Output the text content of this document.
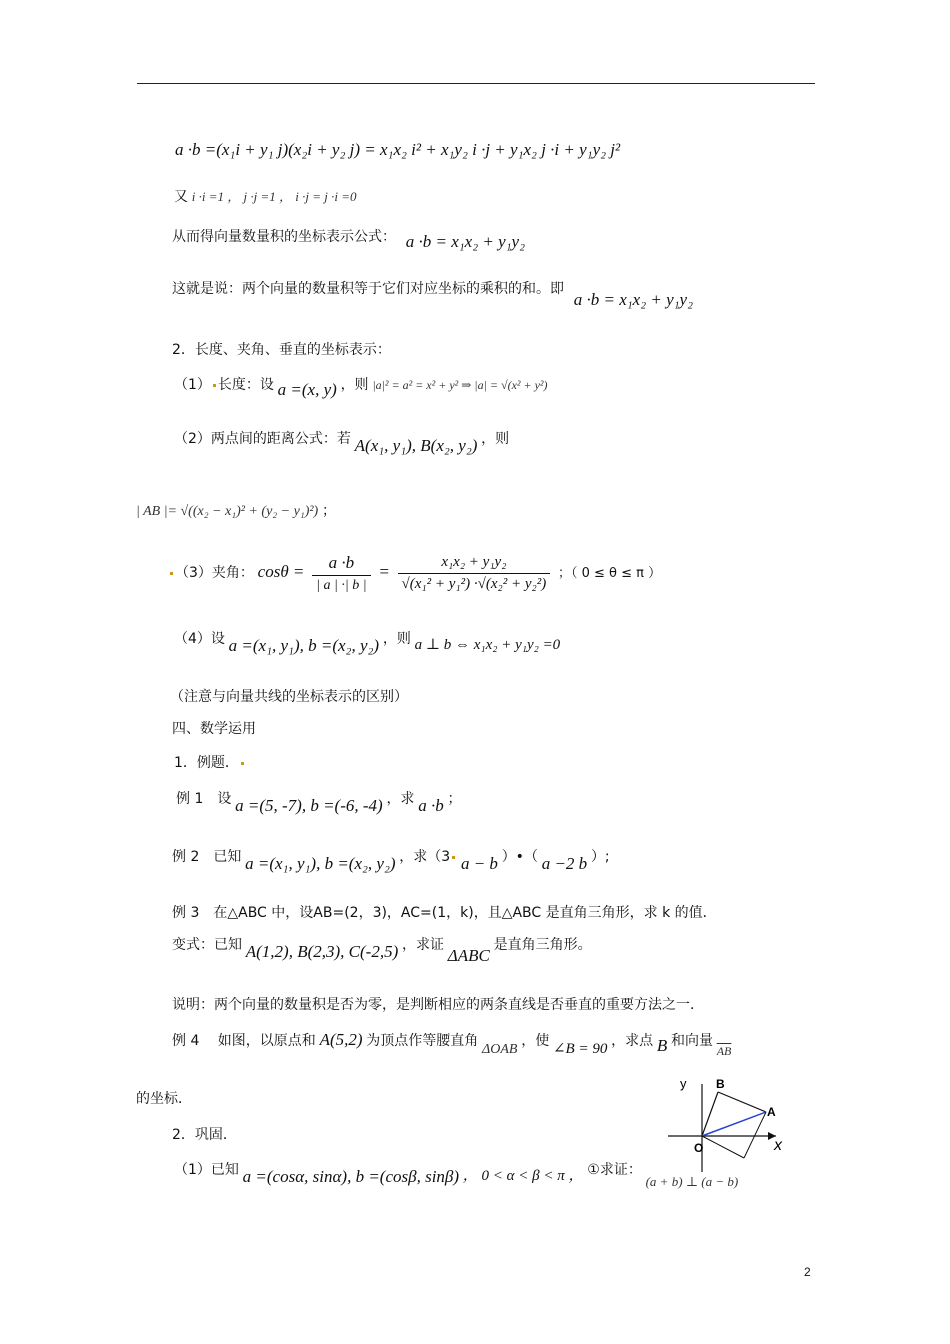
a ·b =(x₁i + y₁ j)(x₂i + y₂ j) = x₁x₂ i² + x₁y₂ i ·j + y₁x₂ j ·i + y₁y₂ j²
又 i ·i =1 ， j ·j =1 ， i ·j = j ·i =0
从而得向量数量积的坐标表示公式： a ·b = x₁x₂ + y₁y₂
这就是说：两个向量的数量积等于它们对应坐标的乘积的和。即 a ·b = x₁x₂ + y₁y₂
2．长度、夹角、垂直的坐标表示：
（1） 长度：设 a =(x, y) ，则 |a|² = a² = x² + y² ⇒ |a| = √(x² + y²)
（2）两点间的距离公式：若 A(x₁, y₁), B(x₂, y₂) ，则
| AB |= √((x₂ − x₁)² + (y₂ − y₁)²) ；
（3）夹角： $\cos\theta = \frac{a \cdot b}{| a | \cdot| b |} = \frac{\text{x₁x₂ + y₁y₂}}{\text{√(x₁² + y₁²) ·√(x₂² + y₂²)}}$ ；（ 0 ≤ θ ≤ π ）
（4）设 a =(x₁, y₁), b =(x₂, y₂) ，则 a ⊥ b ⇔ x₁x₂ + y₁y₂ =0
（注意与向量共线的坐标表示的区别）
四、数学运用
1．例题．
例 1　设 a =(5, -7), b =(-6, -4) ，求 a ·b ；
例 2　已知 a =(x₁, y₁), b =(x₂, y₂) ，求（3 a − b ）•（ a −2 b ）;
例 3　在△ABC 中，设AB=(2，3)，AC=(1，k)，且△ABC 是直角三角形，求 k 的值．
变式：已知 A(1,2), B(2,3), C(-2,5) ，求证 ΔABC 是直角三角形。
说明：两个向量的数量积是否为零，是判断相应的两条直线是否垂直的重要方法之一．
例 4　 如图，以原点和 A(5,2) 为顶点作等腰直角 ΔOAB ，使 ∠B = 90 ，求点 B 和向量 $_{\overline{AB}}$
的坐标．
2．巩固．
（1）已知 a =(cosα, sinα), b =(cosβ, sinβ) ， 0 < α < β < π ， ①求证： (a + b) ⊥ (a − b)
y
x
B
A
O
2
